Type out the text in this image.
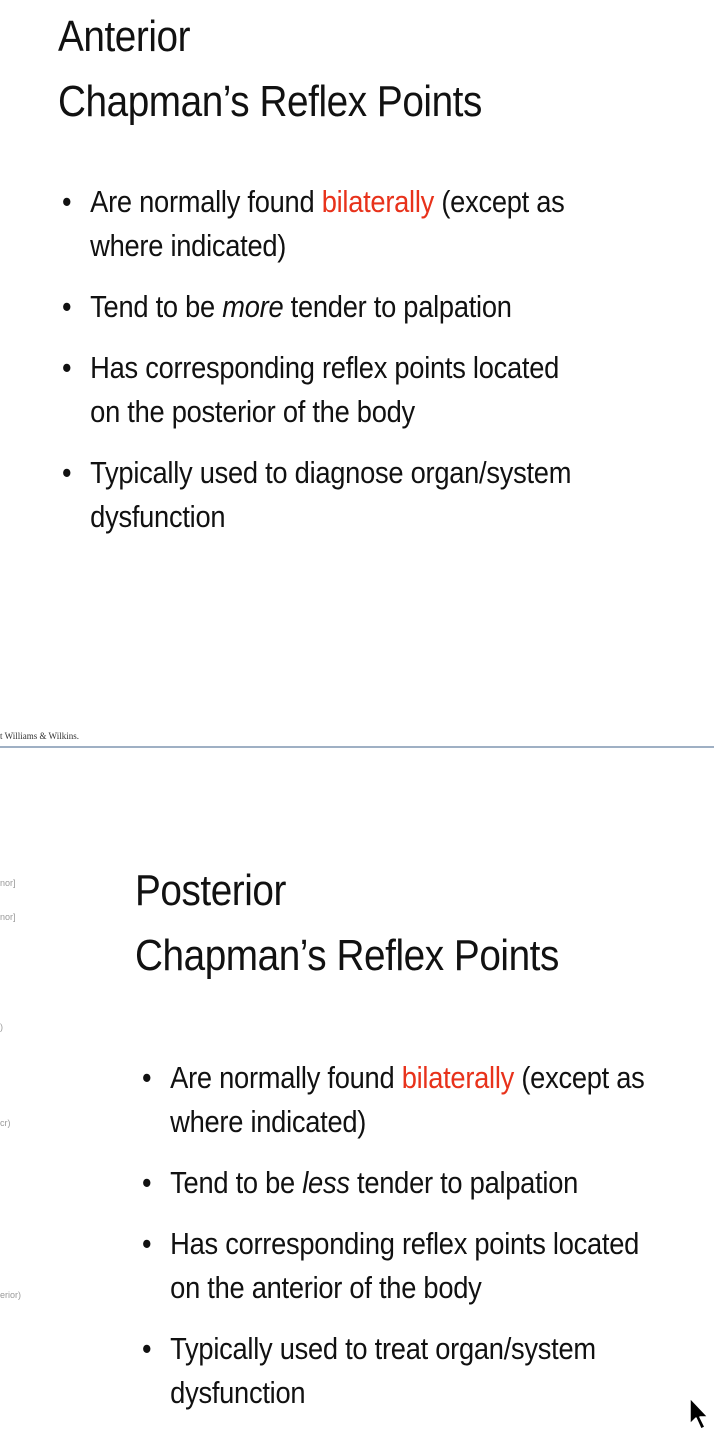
Anterior
Chapman’s Reflex Points
• Are normally found bilaterally (except as
where indicated)
• Tend to be more tender to palpation
• Has corresponding reflex points located
on the posterior of the body
• Typically used to diagnose organ/system
dysfunction
t Williams & Wilkins.
nor]
nor]
)
cr)
erior)
Posterior
Chapman’s Reflex Points
• Are normally found bilaterally (except as
where indicated)
• Tend to be less tender to palpation
• Has corresponding reflex points located
on the anterior of the body
• Typically used to treat organ/system
dysfunction
